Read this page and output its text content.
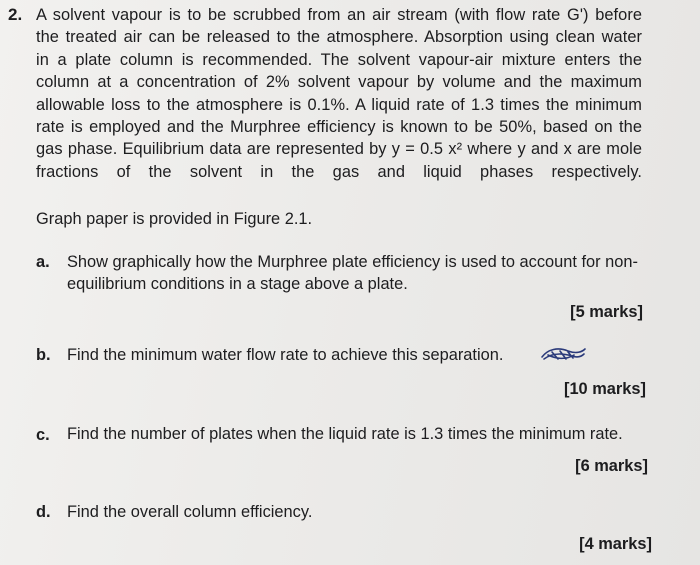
2. A solvent vapour is to be scrubbed from an air stream (with flow rate G') before
the treated air can be released to the atmosphere. Absorption using clean water
in a plate column is recommended. The solvent vapour-air mixture enters the
column at a concentration of 2% solvent vapour by volume and the maximum
allowable loss to the atmosphere is 0.1%. A liquid rate of 1.3 times the minimum
rate is employed and the Murphree efficiency is known to be 50%, based on the
gas phase. Equilibrium data are represented by y = 0.5 x² where y and x are mole
fractions of the solvent in the gas and liquid phases respectively.
Graph paper is provided in Figure 2.1.
a. Show graphically how the Murphree plate efficiency is used to account for non-
equilibrium conditions in a stage above a plate.
[5 marks]
b. Find the minimum water flow rate to achieve this separation.
[10 marks]
c. Find the number of plates when the liquid rate is 1.3 times the minimum rate.
[6 marks]
d. Find the overall column efficiency.
[4 marks]
